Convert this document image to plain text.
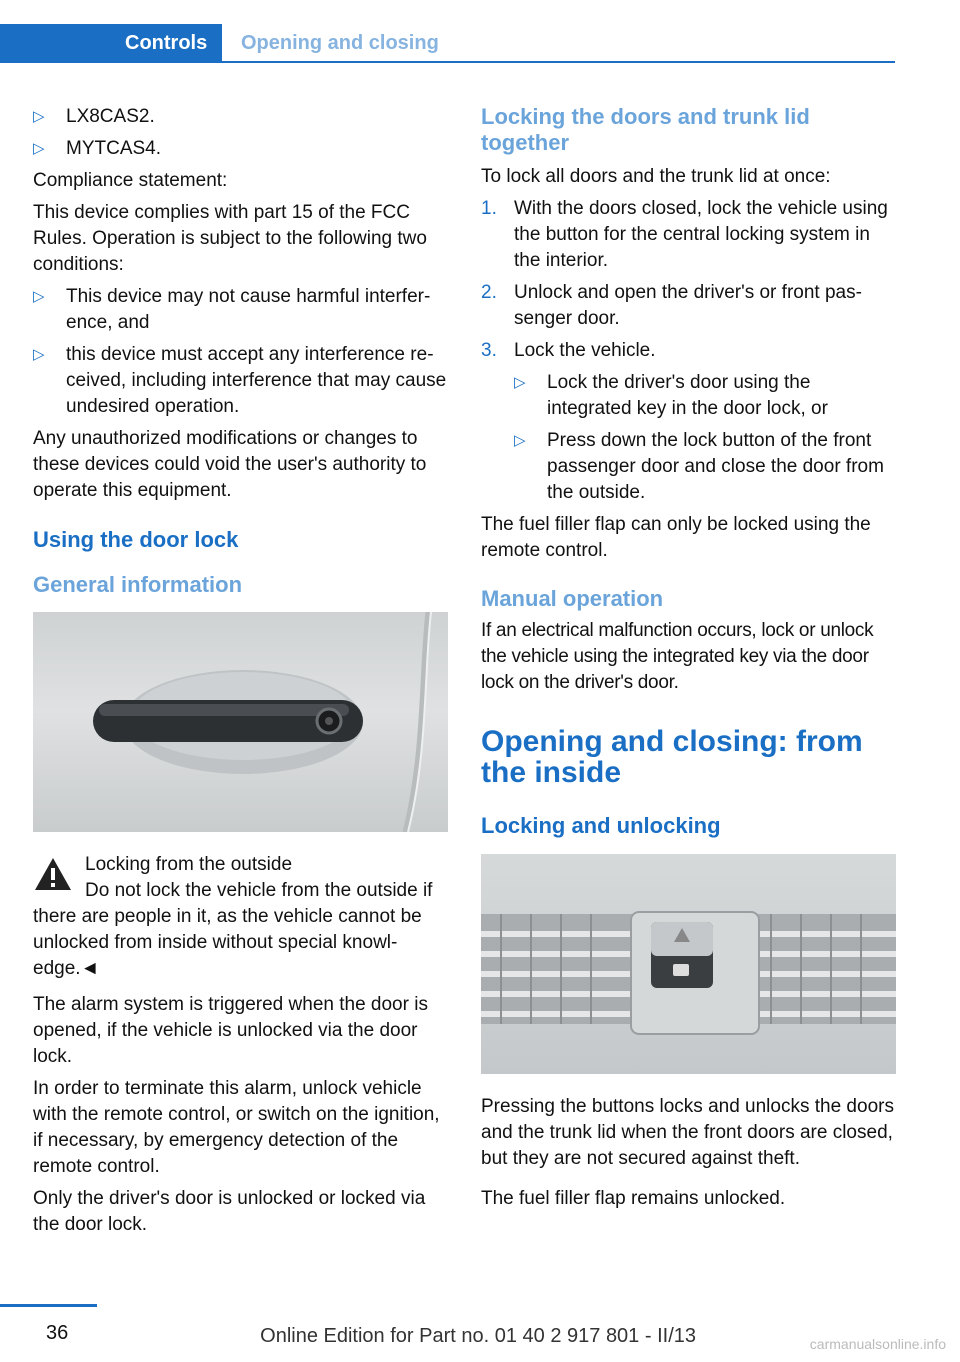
Controls	Opening and closing
▷ LX8CAS2.
▷ MYTCAS4.

Compliance statement:

This device complies with part 15 of the FCC Rules. Operation is subject to the following two conditions:

▷ This device may not cause harmful interference, and
▷ this device must accept any interference received, including interference that may cause undesired operation.

Any unauthorized modifications or changes to these devices could void the user's authority to operate this equipment.

Using the door lock
General information

Locking from the outside

Do not lock the vehicle from the outside if there are people in it, as the vehicle cannot be unlocked from inside without special knowledge.◄

The alarm system is triggered when the door is opened, if the vehicle is unlocked via the door lock.

In order to terminate this alarm, unlock vehicle with the remote control, or switch on the ignition, if necessary, by emergency detection of the remote control.

Only the driver's door is unlocked or locked via the door lock.

Locking the doors and trunk lid together

To lock all doors and the trunk lid at once:

1. With the doors closed, lock the vehicle using the button for the central locking system in the interior.
2. Unlock and open the driver's or front passenger door.
3. Lock the vehicle.
▷ Lock the driver's door using the integrated key in the door lock, or
▷ Press down the lock button of the front passenger door and close the door from the outside.

The fuel filler flap can only be locked using the remote control.

Manual operation

If an electrical malfunction occurs, lock or unlock the vehicle using the integrated key via the door lock on the driver's door.

Opening and closing: from the inside
Locking and unlocking

Pressing the buttons locks and unlocks the doors and the trunk lid when the front doors are closed, but they are not secured against theft.

The fuel filler flap remains unlocked.

36	Online Edition for Part no. 01 40 2 917 801 - II/13	carmanualsonline.info
